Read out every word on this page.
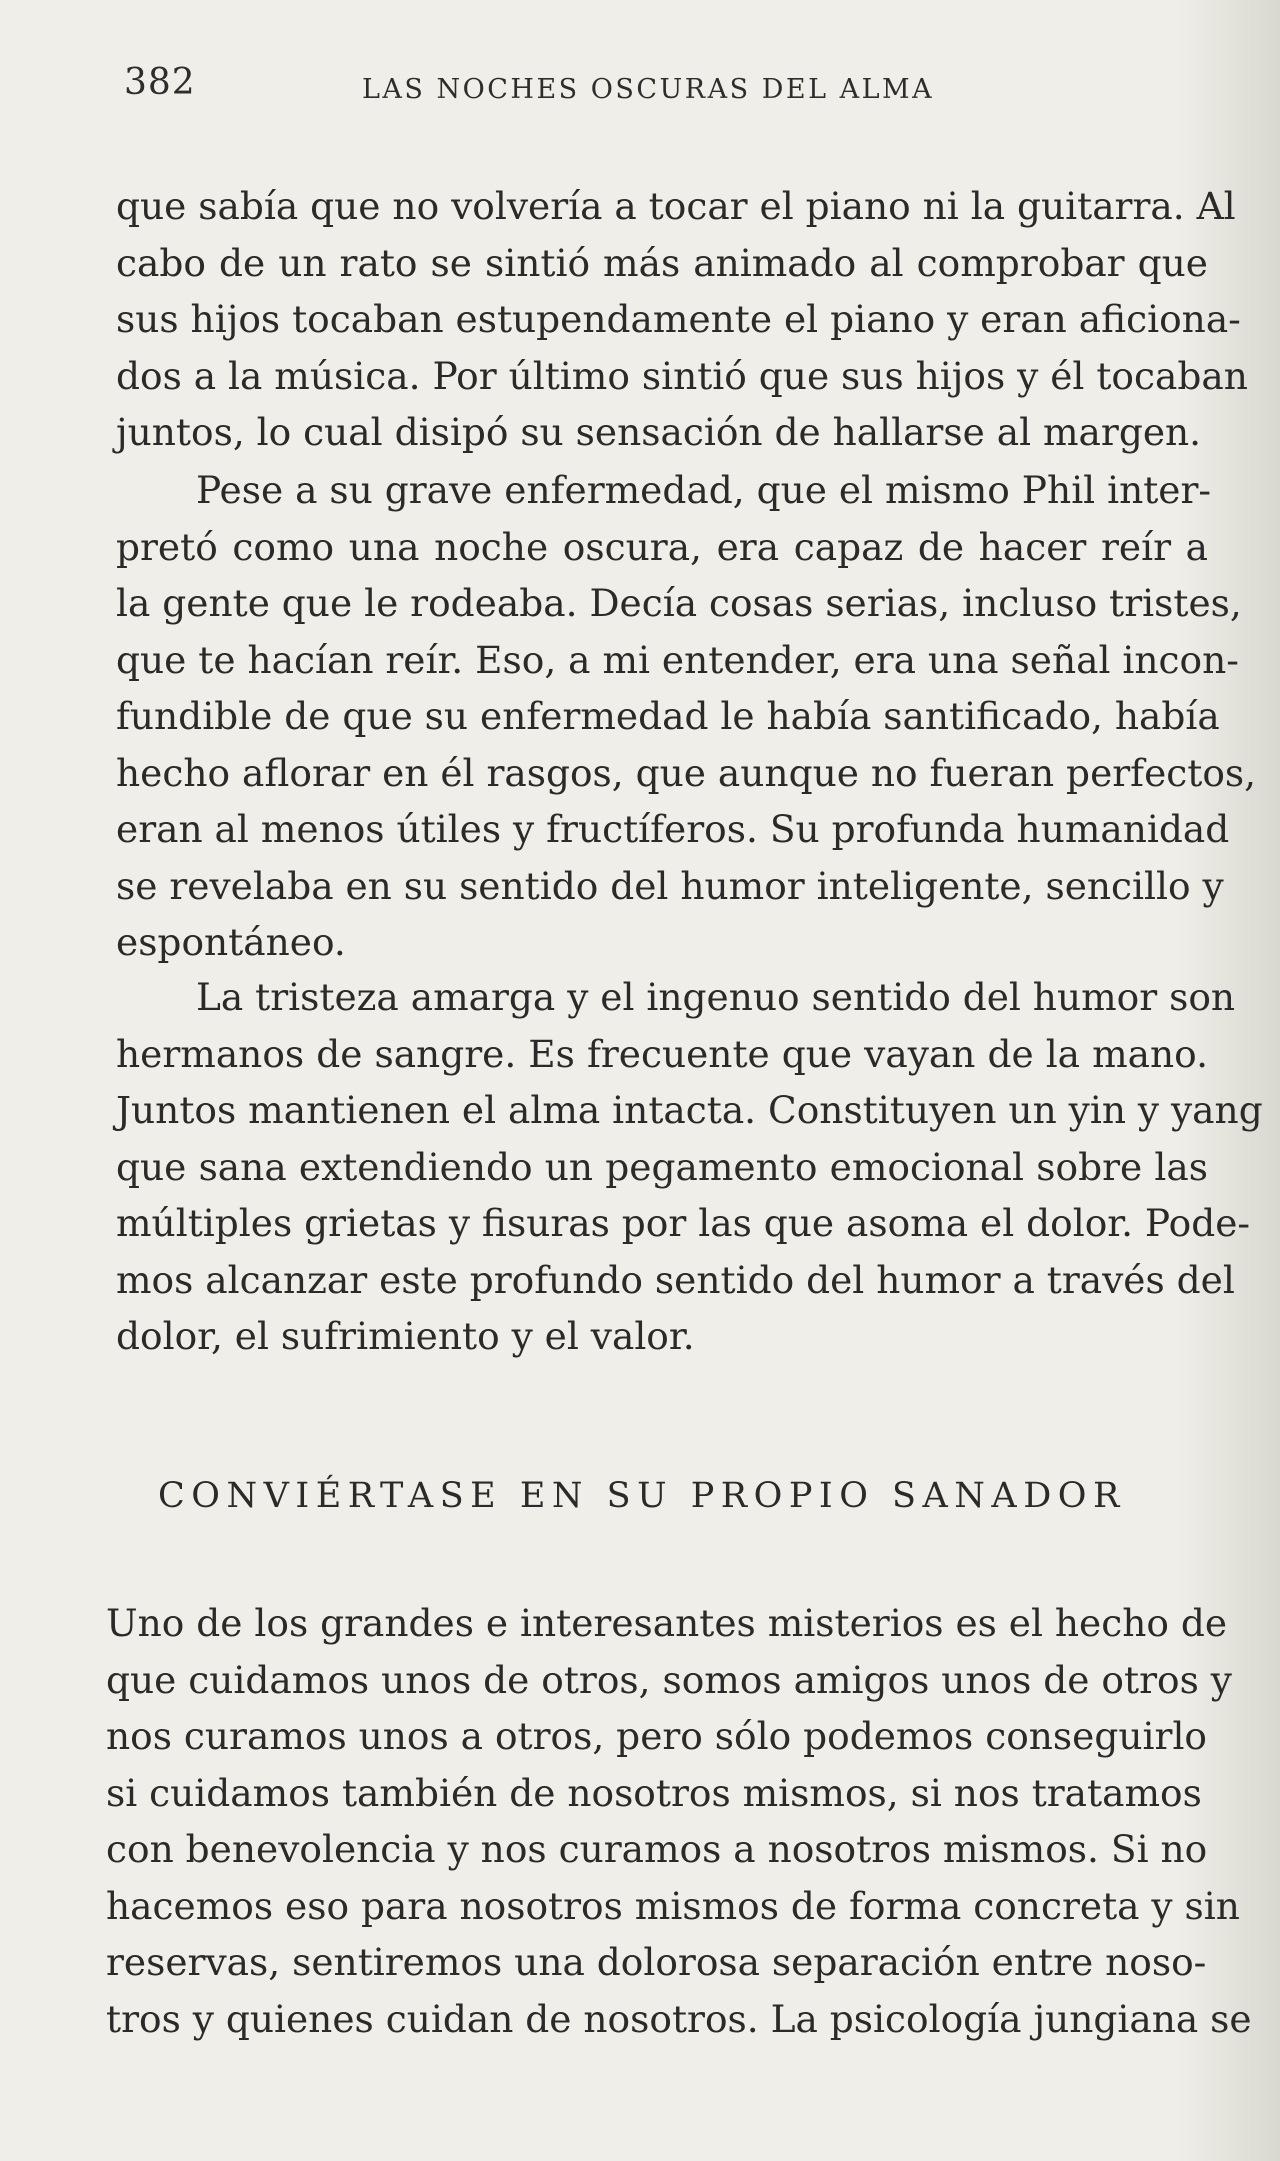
382	LAS NOCHES OSCURAS DEL ALMA
que sabía que no volvería a tocar el piano ni la guitarra. Al
cabo de un rato se sintió más animado al comprobar que
sus hijos tocaban estupendamente el piano y eran aficiona-
dos a la música. Por último sintió que sus hijos y él tocaban
juntos, lo cual disipó su sensación de hallarse al margen.
Pese a su grave enfermedad, que el mismo Phil inter-
pretó como una noche oscura, era capaz de hacer reír a
la gente que le rodeaba. Decía cosas serias, incluso tristes,
que te hacían reír. Eso, a mi entender, era una señal incon-
fundible de que su enfermedad le había santificado, había
hecho aflorar en él rasgos, que aunque no fueran perfectos,
eran al menos útiles y fructíferos. Su profunda humanidad
se revelaba en su sentido del humor inteligente, sencillo y
espontáneo.
La tristeza amarga y el ingenuo sentido del humor son
hermanos de sangre. Es frecuente que vayan de la mano.
Juntos mantienen el alma intacta. Constituyen un yin y yang
que sana extendiendo un pegamento emocional sobre las
múltiples grietas y fisuras por las que asoma el dolor. Pode-
mos alcanzar este profundo sentido del humor a través del
dolor, el sufrimiento y el valor.
CONVIÉRTASE EN SU PROPIO SANADOR
Uno de los grandes e interesantes misterios es el hecho de
que cuidamos unos de otros, somos amigos unos de otros y
nos curamos unos a otros, pero sólo podemos conseguirlo
si cuidamos también de nosotros mismos, si nos tratamos
con benevolencia y nos curamos a nosotros mismos. Si no
hacemos eso para nosotros mismos de forma concreta y sin
reservas, sentiremos una dolorosa separación entre noso-
tros y quienes cuidan de nosotros. La psicología jungiana se
